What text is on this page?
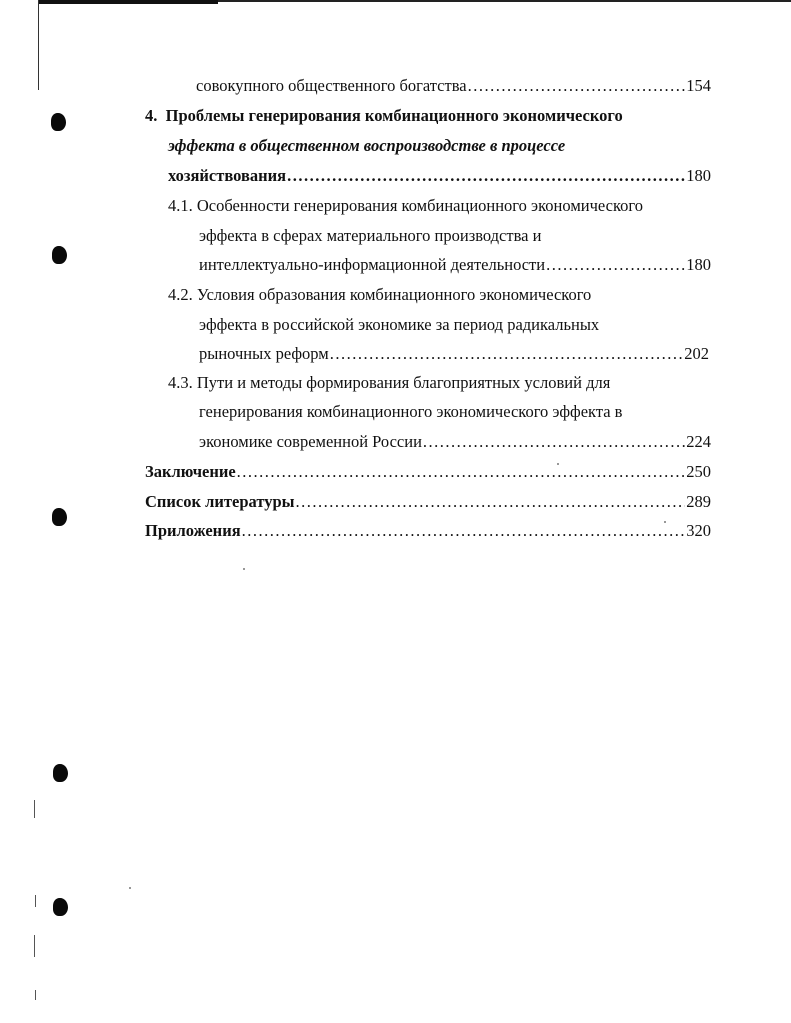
совокупного общественного богатства .....	154
4. Проблемы генерирования комбинационного экономического
эффекта в общественном воспроизводстве в процессе
хозяйствования .....	180
4.1. Особенности генерирования комбинационного экономического
эффекта в сферах материального производства и
интеллектуально-информационной деятельности .....	180
4.2. Условия образования комбинационного экономического
эффекта в российской экономике за период радикальных
рыночных реформ .....	202
4.3. Пути и методы формирования благоприятных условий для
генерирования комбинационного экономического эффекта в
экономике современной России .....	224
Заключение .....	250
Список литературы .....	289
Приложения .....	320
